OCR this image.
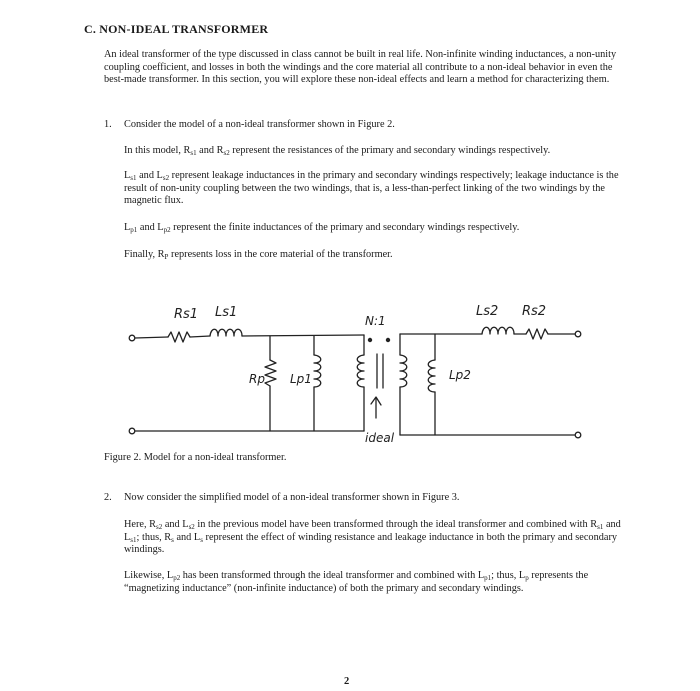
C. NON-IDEAL TRANSFORMER

An ideal transformer of the type discussed in class cannot be built in real life. Non-infinite winding inductances, a non-unity coupling coefficient, and losses in both the windings and the core material all contribute to a non-ideal behavior in even the best-made transformer. In this section, you will explore these non-ideal effects and learn a method for characterizing them.

1. Consider the model of a non-ideal transformer shown in Figure 2.

In this model, $R_{s1}$ and $R_{s2}$ represent the resistances of the primary and secondary windings respectively.

$L_{s1}$ and $L_{s2}$ represent leakage inductances in the primary and secondary windings respectively; leakage inductance is the result of non-unity coupling between the two windings, that is, a less-than-perfect linking of the two windings by the magnetic flux.

$L_{p1}$ and $L_{p2}$ represent the finite inductances of the primary and secondary windings respectively.

Finally, $R_P$ represents loss in the core material of the transformer.

Rs1 Ls1
N:1
Ls2 Rs2
Rp Lp1	Lp2
ideal
Figure 2. Model for a non-ideal transformer.
2. Now consider the simplified model of a non-ideal transformer shown in Figure 3.

Here, $R_{s2}$ and $L_{s2}$ in the previous model have been transformed through the ideal transformer and combined with $R_{s1}$ and $L_{s1}$; thus, $R_s$ and $L_s$ represent the effect of winding resistance and leakage inductance in both the primary and secondary windings.

Likewise, $L_{p2}$ has been transformed through the ideal transformer and combined with $L_{p1}$; thus, $L_p$ represents the “magnetizing inductance” (non-infinite inductance) of both the primary and secondary windings.

2
